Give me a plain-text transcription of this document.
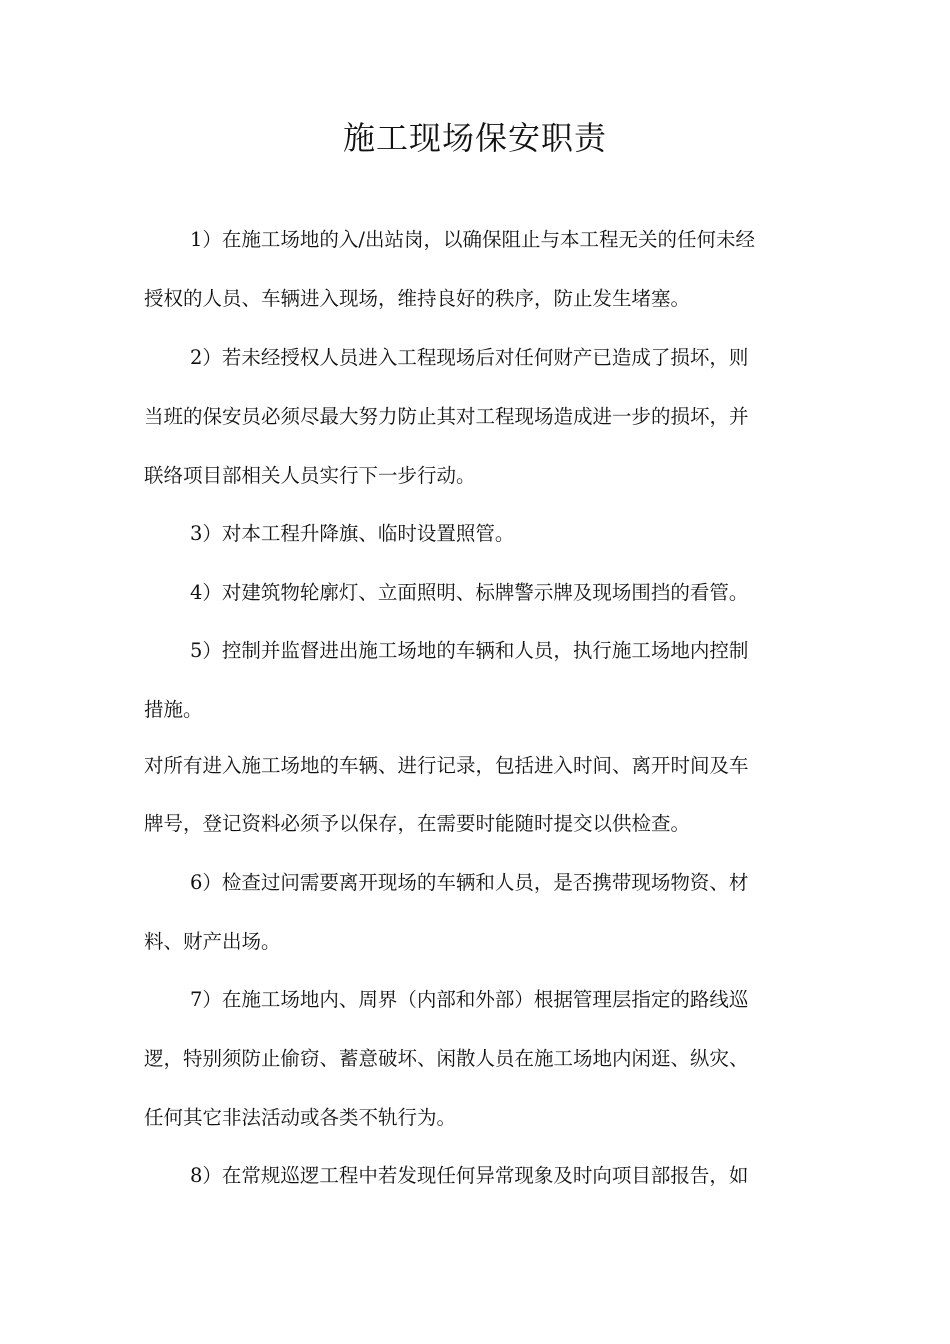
施工现场保安职责
1）在施工场地的入/出站岗，以确保阻止与本工程无关的任何未经
授权的人员、车辆进入现场，维持良好的秩序，防止发生堵塞。
2）若未经授权人员进入工程现场后对任何财产已造成了损坏，则
当班的保安员必须尽最大努力防止其对工程现场造成进一步的损坏，并
联络项目部相关人员实行下一步行动。
3）对本工程升降旗、临时设置照管。
4）对建筑物轮廓灯、立面照明、标牌警示牌及现场围挡的看管。
5）控制并监督进出施工场地的车辆和人员，执行施工场地内控制
措施。
对所有进入施工场地的车辆、进行记录，包括进入时间、离开时间及车
牌号，登记资料必须予以保存，在需要时能随时提交以供检查。
6）检查过问需要离开现场的车辆和人员，是否携带现场物资、材
料、财产出场。
7）在施工场地内、周界（内部和外部）根据管理层指定的路线巡
逻，特别须防止偷窃、蓄意破坏、闲散人员在施工场地内闲逛、纵灾、
任何其它非法活动或各类不轨行为。
8）在常规巡逻工程中若发现任何异常现象及时向项目部报告，如
